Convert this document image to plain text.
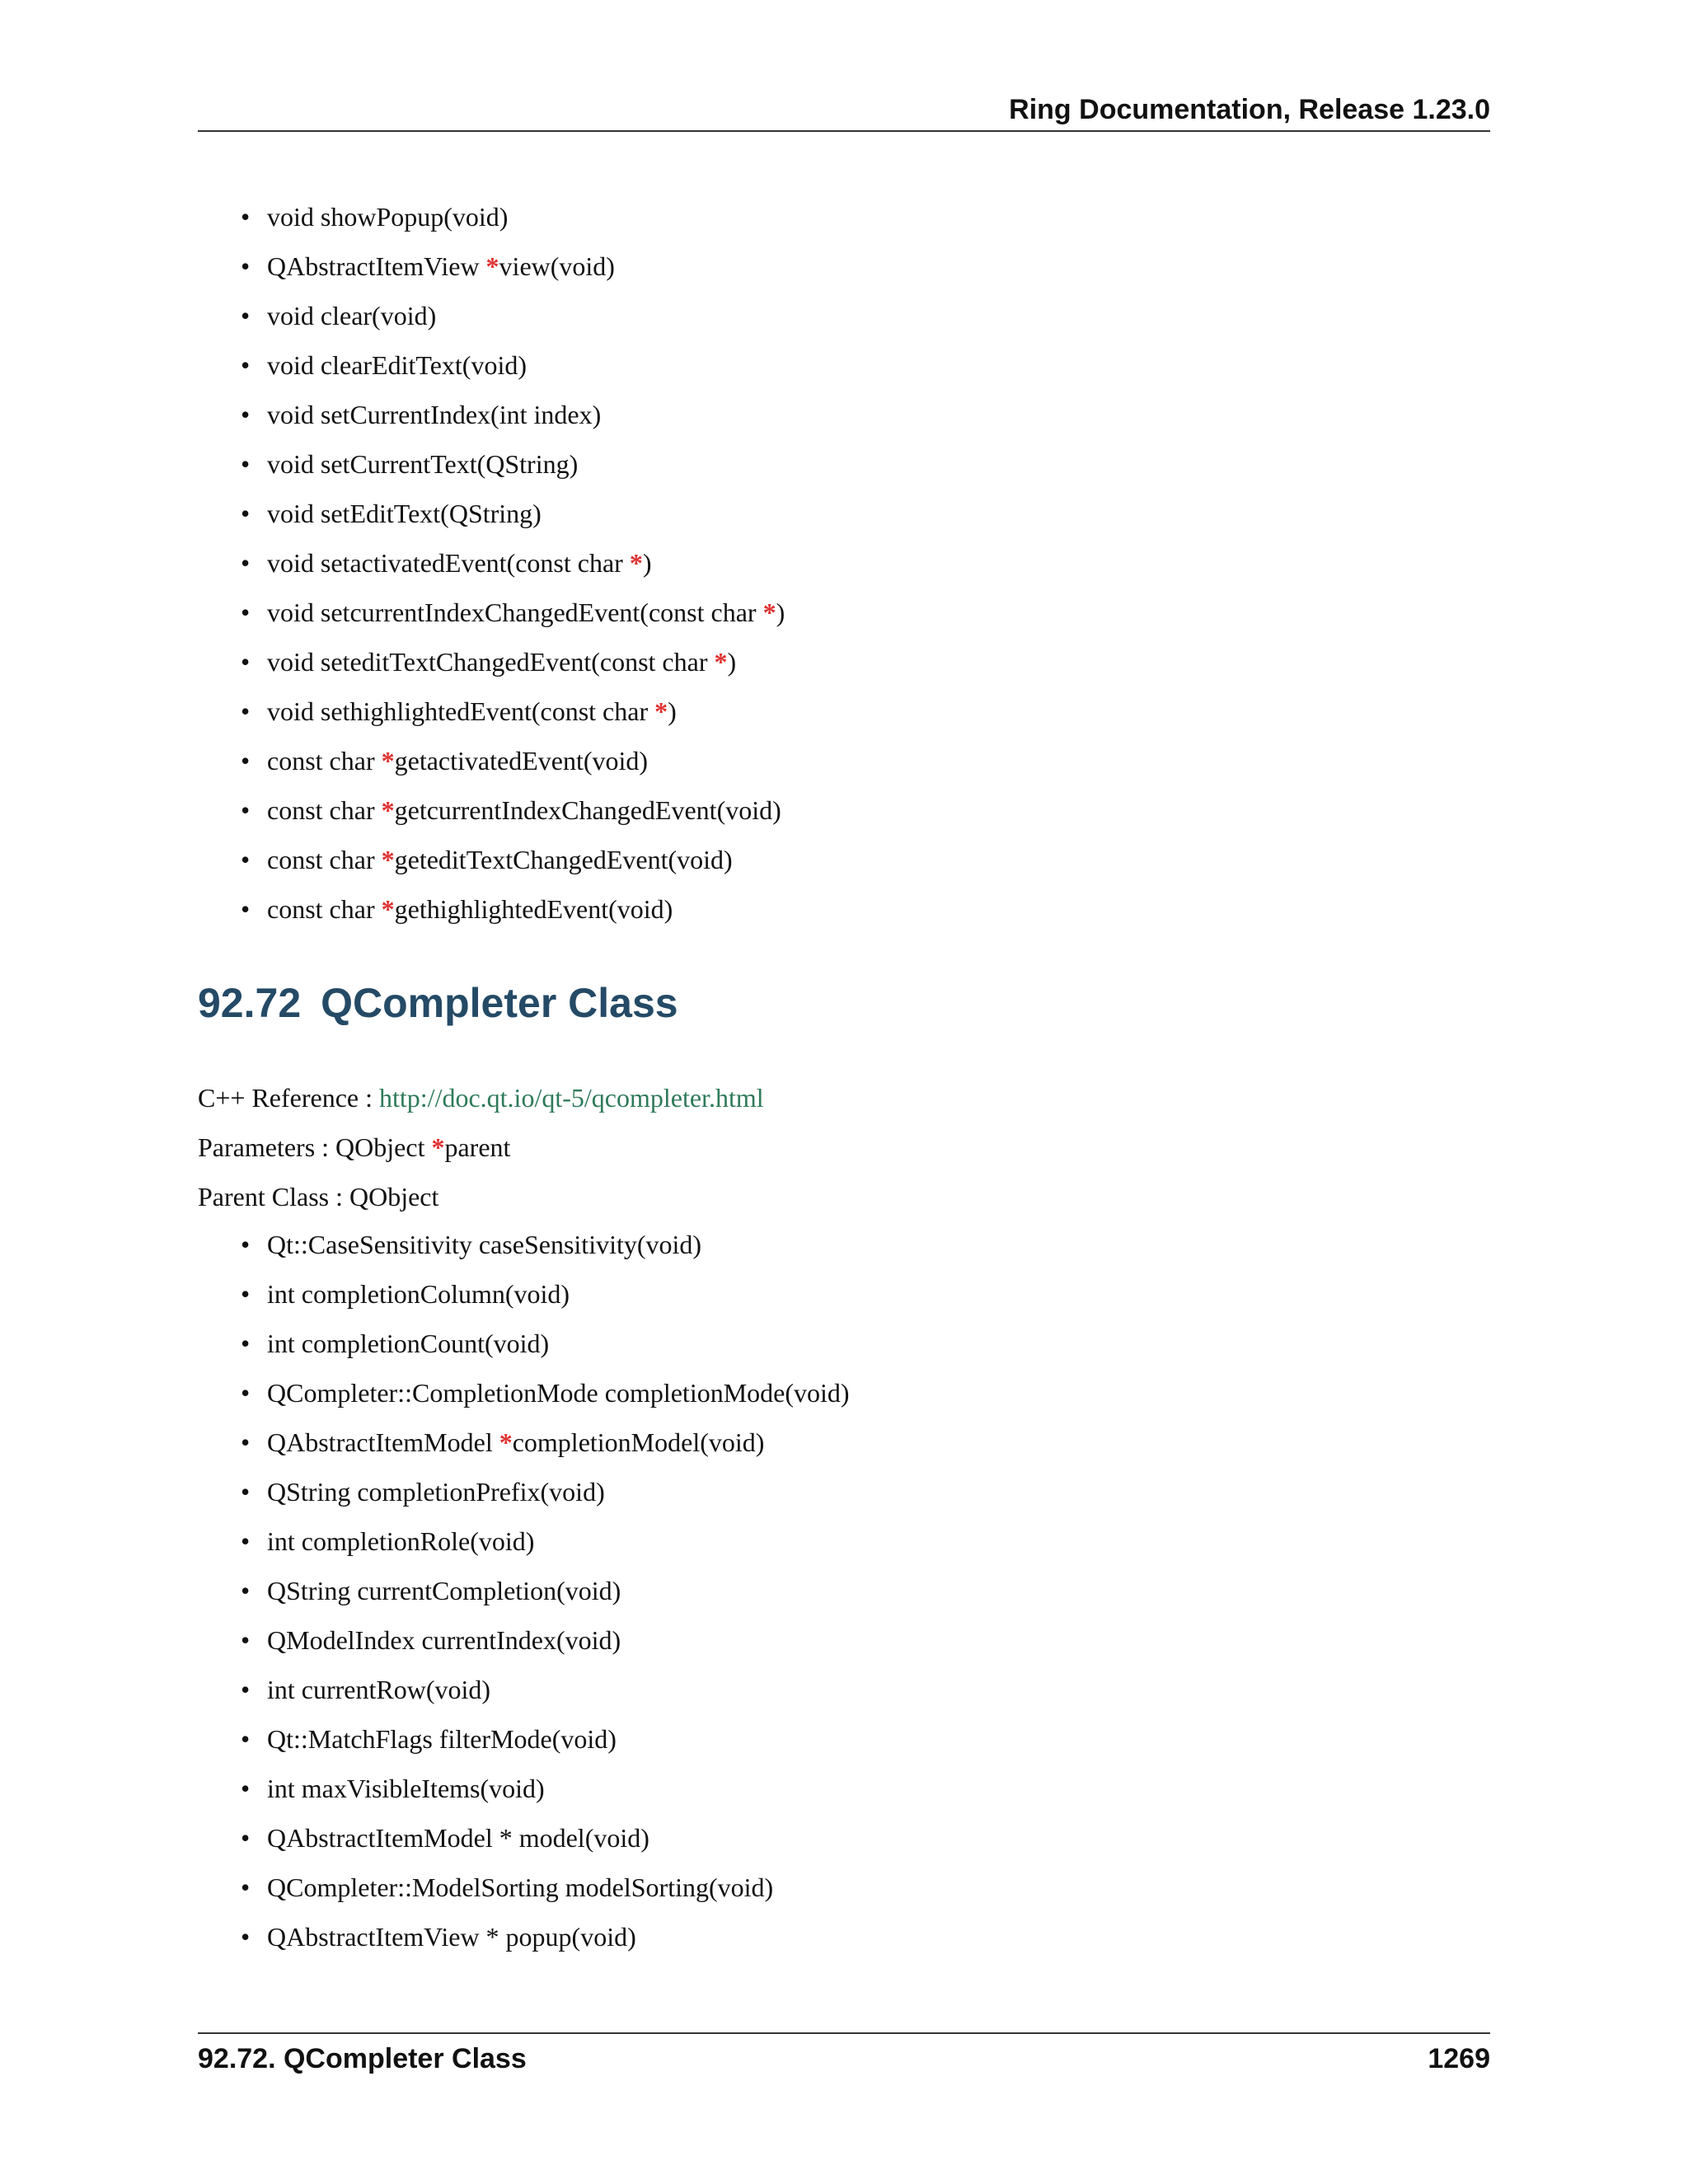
Ring Documentation, Release 1.23.0
• void showPopup(void)
• QAbstractItemView *view(void)
• void clear(void)
• void clearEditText(void)
• void setCurrentIndex(int index)
• void setCurrentText(QString)
• void setEditText(QString)
• void setactivatedEvent(const char *)
• void setcurrentIndexChangedEvent(const char *)
• void seteditTextChangedEvent(const char *)
• void sethighlightedEvent(const char *)
• const char *getactivatedEvent(void)
• const char *getcurrentIndexChangedEvent(void)
• const char *geteditTextChangedEvent(void)
• const char *gethighlightedEvent(void)
92.72 QCompleter Class
C++ Reference : http://doc.qt.io/qt-5/qcompleter.html
Parameters : QObject *parent
Parent Class : QObject
• Qt::CaseSensitivity caseSensitivity(void)
• int completionColumn(void)
• int completionCount(void)
• QCompleter::CompletionMode completionMode(void)
• QAbstractItemModel *completionModel(void)
• QString completionPrefix(void)
• int completionRole(void)
• QString currentCompletion(void)
• QModelIndex currentIndex(void)
• int currentRow(void)
• Qt::MatchFlags filterMode(void)
• int maxVisibleItems(void)
• QAbstractItemModel * model(void)
• QCompleter::ModelSorting modelSorting(void)
• QAbstractItemView * popup(void)
92.72. QCompleter Class	1269
